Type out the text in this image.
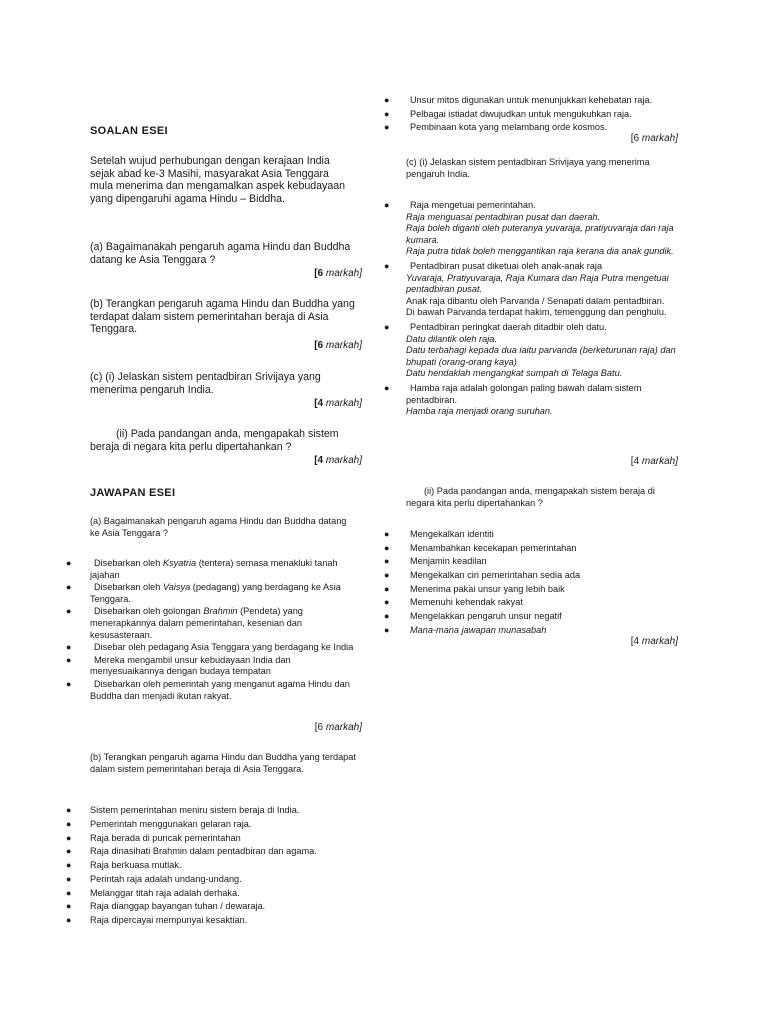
SOALAN ESEI
Setelah wujud perhubungan dengan kerajaan India sejak abad ke-3 Masihi, masyarakat Asia Tenggara mula menerima dan mengamalkan aspek kebudayaan yang dipengaruhi agama Hindu – Biddha.
(a) Bagaimanakah pengaruh agama Hindu dan Buddha datang ke Asia Tenggara ?
[6 markah]
(b) Terangkan pengaruh agama Hindu dan Buddha yang terdapat dalam sistem pemerintahan beraja di Asia Tenggara.
[6 markah]
(c) (i) Jelaskan sistem pentadbiran Srivijaya yang menerima pengaruh India.
[4 markah]
(ii) Pada pandangan anda, mengapakah sistem beraja di negara kita perlu dipertahankan ?
[4 markah]
JAWAPAN ESEI
(a) Bagaimanakah pengaruh agama Hindu dan Buddha datang ke Asia Tenggara ?
● Disebarkan oleh Ksyatria (tentera) semasa menakluki tanah jajahan
● Disebarkan oleh Vaisya (pedagang) yang berdagang ke Asia Tenggara.
● Disebarkan oleh golongan Brahmin (Pendeta) yang menerapkannya dalam pemerintahan, kesenian dan kesusasteraan.
● Disebar oleh pedagang Asia Tenggara yang berdagang ke India
● Mereka mengambil unsur kebudayaan India dan menyesuaikannya dengan budaya tempatan
● Disebarkan oleh pemerintah yang menganut agama Hindu dan Buddha dan menjadi ikutan rakyat.
[6 markah]
(b) Terangkan pengaruh agama Hindu dan Buddha yang terdapat dalam sistem pemerintahan beraja di Asia Tenggara.
● Sistem pemerintahan meniru sistem beraja di India.
● Pemerintah menggunakan gelaran raja.
● Raja berada di puncak pemerintahan
● Raja dinasihati Brahmin dalam pentadbiran dan agama.
● Raja berkuasa mutlak.
● Perintah raja adalah undang-undang.
● Melanggar titah raja adalah derhaka.
● Raja dianggap bayangan tuhan / dewaraja.
● Raja dipercayai mempunyai kesaktian.
● Unsur mitos digunakan untuk menunjukkan kehebatan raja.
● Pelbagai istiadat diwujudkan untuk mengukuhkan raja.
● Pembinaan kota yang melambang orde kosmos.
[6 markah]
(c) (i) Jelaskan sistem pentadbiran Srivijaya yang menerima pengaruh India.
● Raja mengetuai pemerintahan.
Raja menguasai pentadbiran pusat dan daerah.
Raja boleh diganti oleh puteranya yuvaraja, pratiyuvaraja dan raja kumara.
Raja putra tidak boleh menggantikan raja kerana dia anak gundik.
● Pentadbiran pusat diketuai oleh anak-anak raja
Yuvaraja, Pratiyuvaraja, Raja Kumara dan Raja Putra mengetuai pentadbiran pusat.
Anak raja dibantu oleh Parvanda / Senapati dalam pentadbiran.
Di bawah Parvanda terdapat hakim, temenggung dan penghulu.
● Pentadbiran peringkat daerah ditadbir oleh datu.
Datu dilantik oleh raja.
Datu terbahagi kepada dua iaitu parvanda (berketurunan raja) dan bhupati (orang-orang kaya)
Datu hendaklah mengangkat sumpah di Telaga Batu.
● Hamba raja adalah golongan paling bawah dalam sistem pentadbiran.
Hamba raja menjadi orang suruhan.
[4 markah]
(ii) Pada pandangan anda, mengapakah sistem beraja di negara kita perlu dipertahankan ?
● Mengekalkan identiti
● Menambahkan kecekapan pemerintahan
● Menjamin keadilan
● Mengekalkan ciri pemerintahan sedia ada
● Menerima pakai unsur yang lebih baik
● Memenuhi kehendak rakyat
● Mengelakkan pengaruh unsur negatif
● Mana-mana jawapan munasabah
[4 markah]
